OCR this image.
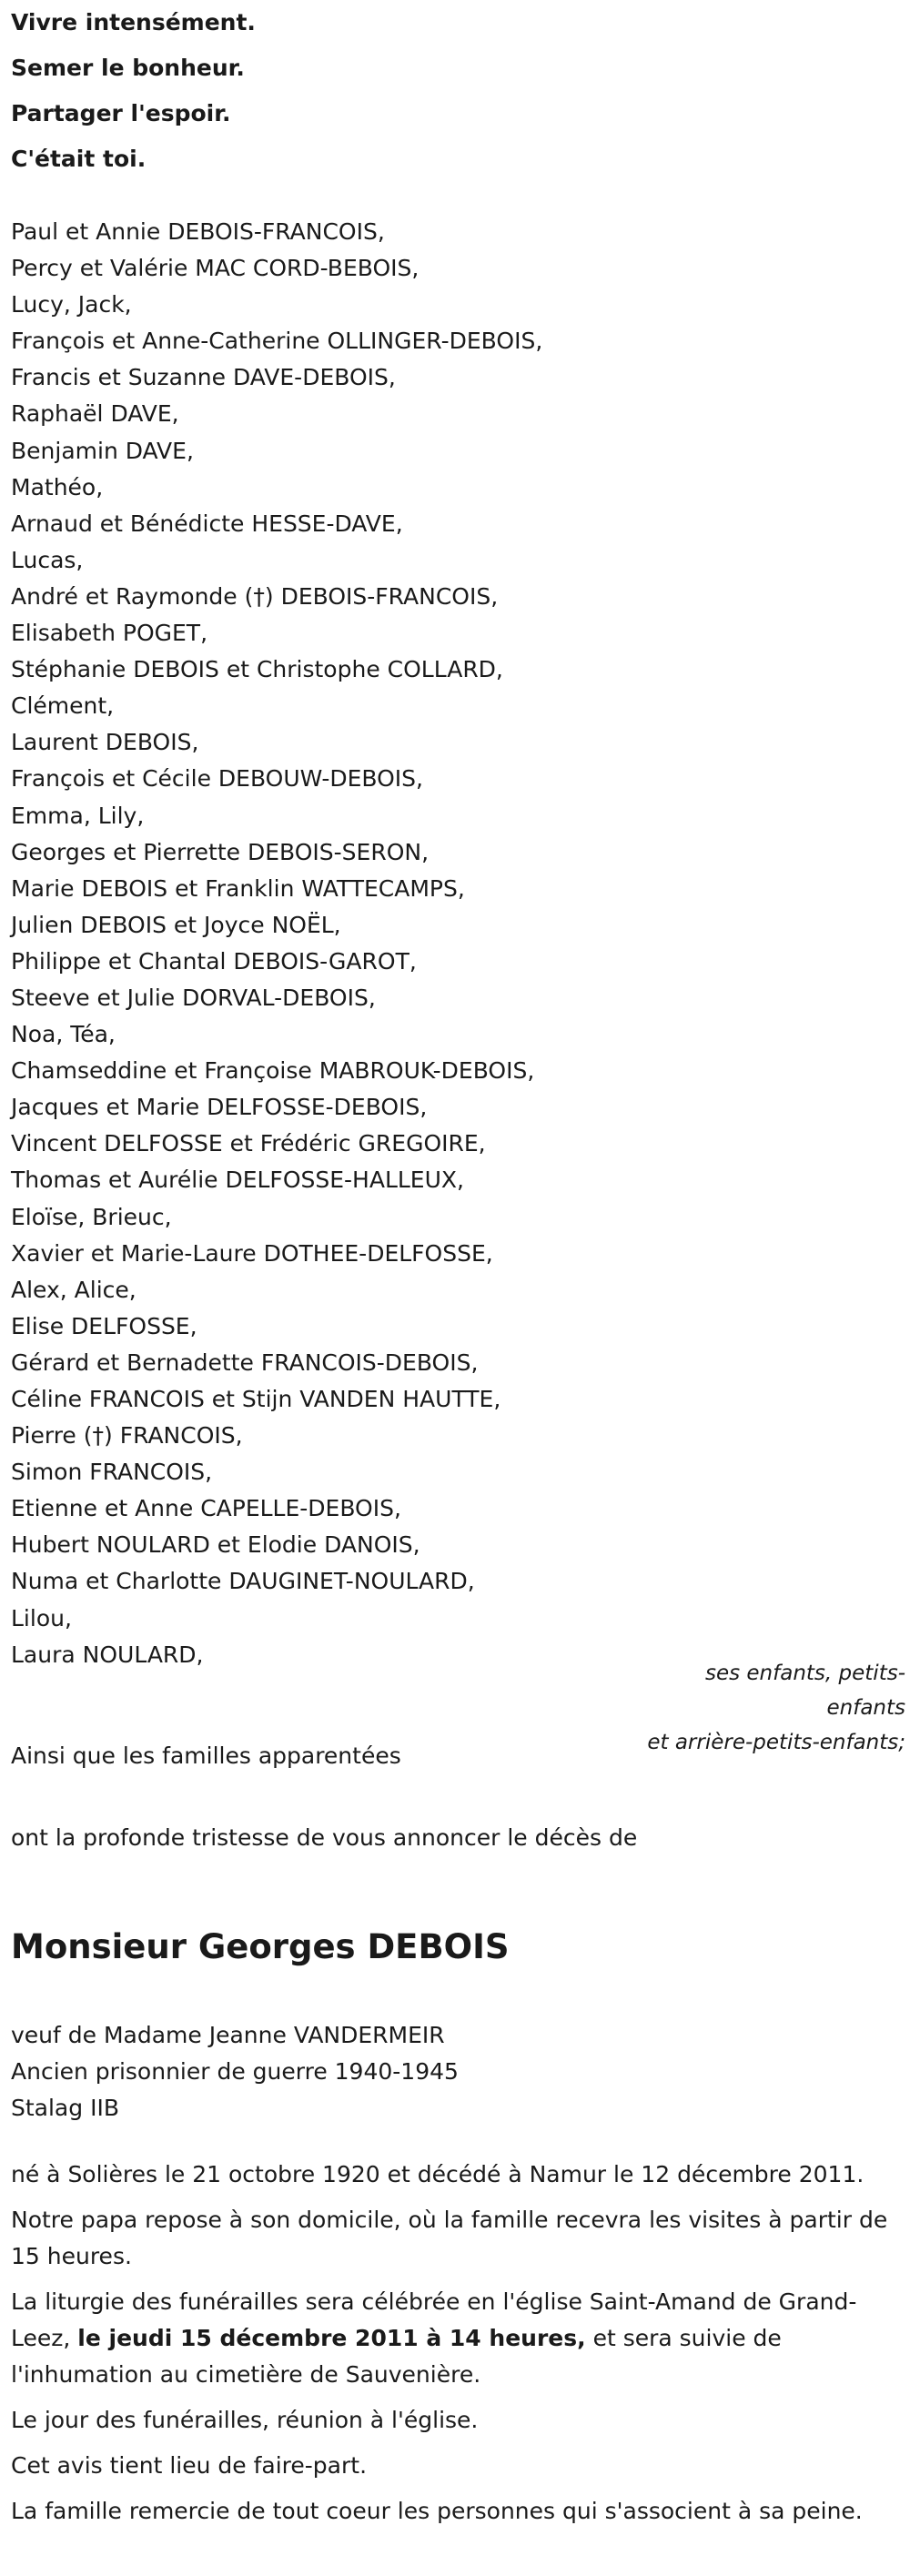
Vivre intensément.
Semer le bonheur.
Partager l'espoir.
C'était toi.
Paul et Annie DEBOIS-FRANCOIS,
Percy et Valérie MAC CORD-BEBOIS,
Lucy, Jack,
François et Anne-Catherine OLLINGER-DEBOIS,
Francis et Suzanne DAVE-DEBOIS,
Raphaël DAVE,
Benjamin DAVE,
Mathéo,
Arnaud et Bénédicte HESSE-DAVE,
Lucas,
André et Raymonde (†) DEBOIS-FRANCOIS,
Elisabeth POGET,
Stéphanie DEBOIS et Christophe COLLARD,
Clément,
Laurent DEBOIS,
François et Cécile DEBOUW-DEBOIS,
Emma, Lily,
Georges et Pierrette DEBOIS-SERON,
Marie DEBOIS et Franklin WATTECAMPS,
Julien DEBOIS et Joyce NOËL,
Philippe et Chantal DEBOIS-GAROT,
Steeve et Julie DORVAL-DEBOIS,
Noa, Téa,
Chamseddine et Françoise MABROUK-DEBOIS,
Jacques et Marie DELFOSSE-DEBOIS,
Vincent DELFOSSE et Frédéric GREGOIRE,
Thomas et Aurélie DELFOSSE-HALLEUX,
Eloïse, Brieuc,
Xavier et Marie-Laure DOTHEE-DELFOSSE,
Alex, Alice,
Elise DELFOSSE,
Gérard et Bernadette FRANCOIS-DEBOIS,
Céline FRANCOIS et Stijn VANDEN HAUTTE,
Pierre (†) FRANCOIS,
Simon FRANCOIS,
Etienne et Anne CAPELLE-DEBOIS,
Hubert NOULARD et Elodie DANOIS,
Numa et Charlotte DAUGINET-NOULARD,
Lilou,
Laura NOULARD,
ses enfants, petits-enfants
et arrière-petits-enfants;

Ainsi que les familles apparentées

ont la profonde tristesse de vous annoncer le décès de

Monsieur Georges DEBOIS
veuf de Madame Jeanne VANDERMEIR
Ancien prisonnier de guerre 1940-1945
Stalag IIB

né à Solières le 21 octobre 1920 et décédé à Namur le 12 décembre 2011.

Notre papa repose à son domicile, où la famille recevra les visites à partir de 15 heures.

La liturgie des funérailles sera célébrée en l'église Saint-Amand de Grand-Leez, le jeudi 15 décembre 2011 à 14 heures, et sera suivie de l'inhumation au cimetière de Sauvenière.

Le jour des funérailles, réunion à l'église.

Cet avis tient lieu de faire-part.

La famille remercie de tout coeur les personnes qui s'associent à sa peine.
